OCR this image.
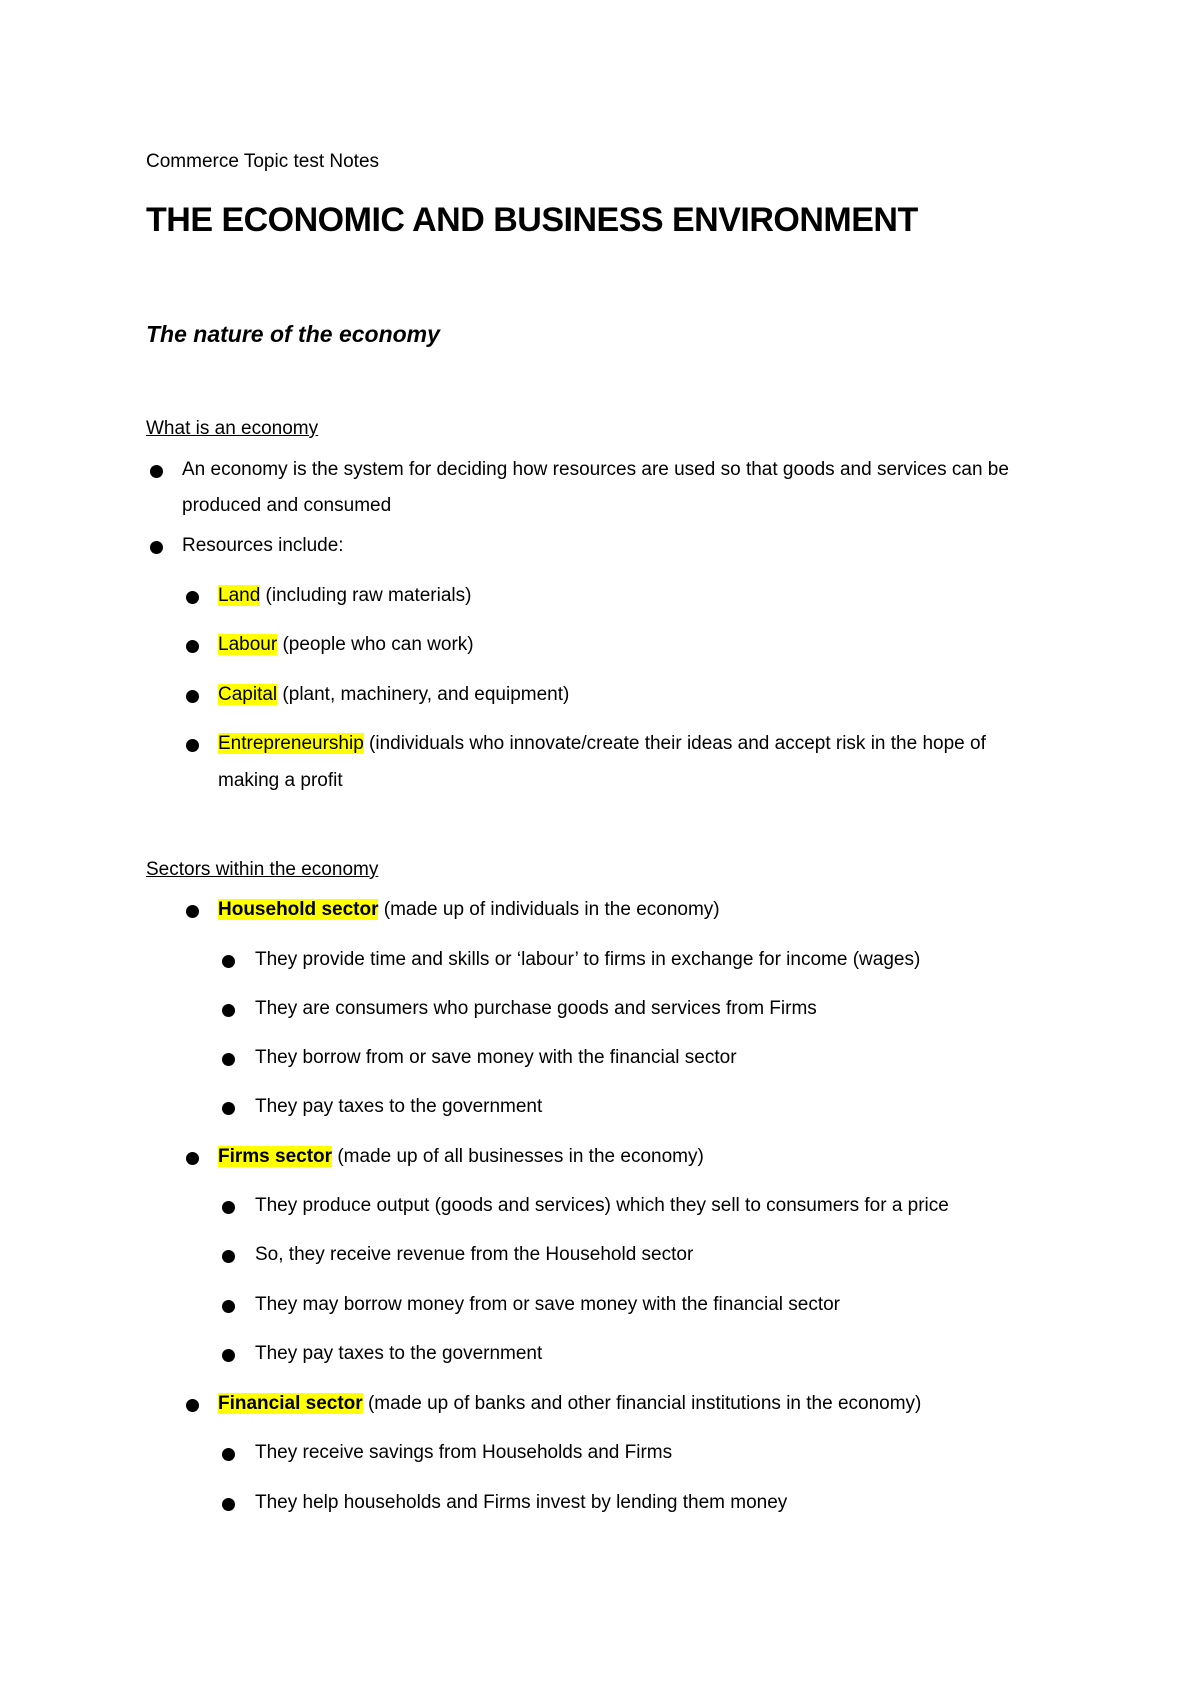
Commerce Topic test Notes
THE ECONOMIC AND BUSINESS ENVIRONMENT
The nature of the economy
What is an economy
An economy is the system for deciding how resources are used so that goods and services can be
produced and consumed
Resources include:
Land (including raw materials)
Labour (people who can work)
Capital (plant, machinery, and equipment)
Entrepreneurship (individuals who innovate/create their ideas and accept risk in the hope of
making a profit
Sectors within the economy
Household sector (made up of individuals in the economy)
They provide time and skills or ‘labour’ to firms in exchange for income (wages)
They are consumers who purchase goods and services from Firms
They borrow from or save money with the financial sector
They pay taxes to the government
Firms sector (made up of all businesses in the economy)
They produce output (goods and services) which they sell to consumers for a price
So, they receive revenue from the Household sector
They may borrow money from or save money with the financial sector
They pay taxes to the government
Financial sector (made up of banks and other financial institutions in the economy)
They receive savings from Households and Firms
They help households and Firms invest by lending them money
